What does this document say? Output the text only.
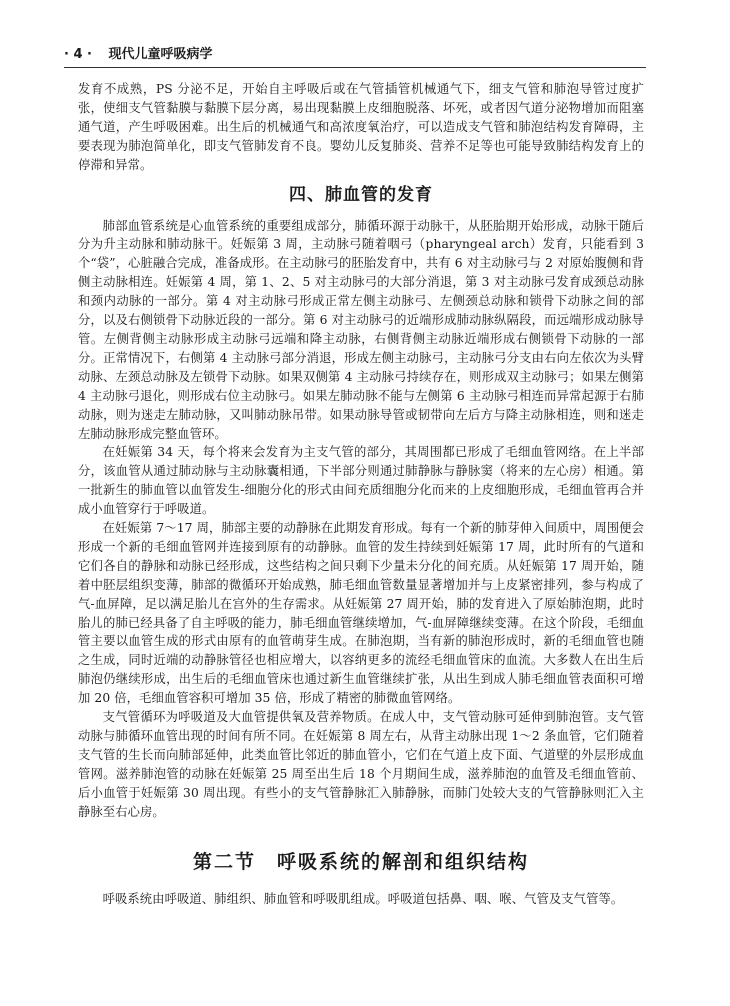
· 4 · 现代儿童呼吸病学

发育不成熟，PS 分泌不足，开始自主呼吸后或在气管插管机械通气下，细支气管和肺泡导管过度扩张，使细支气管黏膜与黏膜下层分离，易出现黏膜上皮细胞脱落、坏死，或者因气道分泌物增加而阻塞通气道，产生呼吸困难。出生后的机械通气和高浓度氧治疗，可以造成支气管和肺泡结构发育障碍，主要表现为肺泡简单化，即支气管肺发育不良。婴幼儿反复肺炎、营养不足等也可能导致肺结构发育上的停滞和异常。

四、肺血管的发育

肺部血管系统是心血管系统的重要组成部分，肺循环源于动脉干，从胚胎期开始形成，动脉干随后分为升主动脉和肺动脉干。妊娠第 3 周，主动脉弓随着咽弓（pharyngeal arch）发育，只能看到 3 个“袋”，心脏融合完成，准备成形。在主动脉弓的胚胎发育中，共有 6 对主动脉弓与 2 对原始腹侧和背侧主动脉相连。妊娠第 4 周，第 1、2、5 对主动脉弓的大部分消退，第 3 对主动脉弓发育成颈总动脉和颈内动脉的一部分。第 4 对主动脉弓形成正常左侧主动脉弓、左侧颈总动脉和锁骨下动脉之间的部分，以及右侧锁骨下动脉近段的一部分。第 6 对主动脉弓的近端形成肺动脉纵隔段，而远端形成动脉导管。左侧背侧主动脉形成主动脉弓远端和降主动脉，右侧背侧主动脉近端形成右侧锁骨下动脉的一部分。正常情况下，右侧第 4 主动脉弓部分消退，形成左侧主动脉弓，主动脉弓分支由右向左依次为头臂动脉、左颈总动脉及左锁骨下动脉。如果双侧第 4 主动脉弓持续存在，则形成双主动脉弓；如果左侧第 4 主动脉弓退化，则形成右位主动脉弓。如果左肺动脉不能与左侧第 6 主动脉弓相连而异常起源于右肺动脉，则为迷走左肺动脉，又叫肺动脉吊带。如果动脉导管或韧带向左后方与降主动脉相连，则和迷走左肺动脉形成完整血管环。

在妊娠第 34 天，每个将来会发育为主支气管的部分，其周围都已形成了毛细血管网络。在上半部分，该血管从通过肺动脉与主动脉囊相通，下半部分则通过肺静脉与静脉窦（将来的左心房）相通。第一批新生的肺血管以血管发生-细胞分化的形式由间充质细胞分化而来的上皮细胞形成，毛细血管再合并成小血管穿行于呼吸道。

在妊娠第 7～17 周，肺部主要的动静脉在此期发育形成。每有一个新的肺芽伸入间质中，周围便会形成一个新的毛细血管网并连接到原有的动静脉。血管的发生持续到妊娠第 17 周，此时所有的气道和它们各自的静脉和动脉已经形成，这些结构之间只剩下少量未分化的间充质。从妊娠第 17 周开始，随着中胚层组织变薄，肺部的微循环开始成熟，肺毛细血管数量显著增加并与上皮紧密排列，参与构成了气-血屏障，足以满足胎儿在宫外的生存需求。从妊娠第 27 周开始，肺的发育进入了原始肺泡期，此时胎儿的肺已经具备了自主呼吸的能力，肺毛细血管继续增加，气-血屏障继续变薄。在这个阶段，毛细血管主要以血管生成的形式由原有的血管萌芽生成。在肺泡期，当有新的肺泡形成时，新的毛细血管也随之生成，同时近端的动静脉管径也相应增大，以容纳更多的流经毛细血管床的血流。大多数人在出生后肺泡仍继续形成，出生后的毛细血管床也通过新生血管继续扩张，从出生到成人肺毛细血管表面积可增加 20 倍，毛细血管容积可增加 35 倍，形成了精密的肺微血管网络。

支气管循环为呼吸道及大血管提供氧及营养物质。在成人中，支气管动脉可延伸到肺泡管。支气管动脉与肺循环血管出现的时间有所不同。在妊娠第 8 周左右，从背主动脉出现 1～2 条血管，它们随着支气管的生长而向肺部延伸，此类血管比邻近的肺血管小，它们在气道上皮下面、气道壁的外层形成血管网。滋养肺泡管的动脉在妊娠第 25 周至出生后 18 个月期间生成，滋养肺泡的血管及毛细血管前、后小血管于妊娠第 30 周出现。有些小的支气管静脉汇入肺静脉，而肺门处较大支的气管静脉则汇入主静脉至右心房。

第二节　呼吸系统的解剖和组织结构

呼吸系统由呼吸道、肺组织、肺血管和呼吸肌组成。呼吸道包括鼻、咽、喉、气管及支气管等。
